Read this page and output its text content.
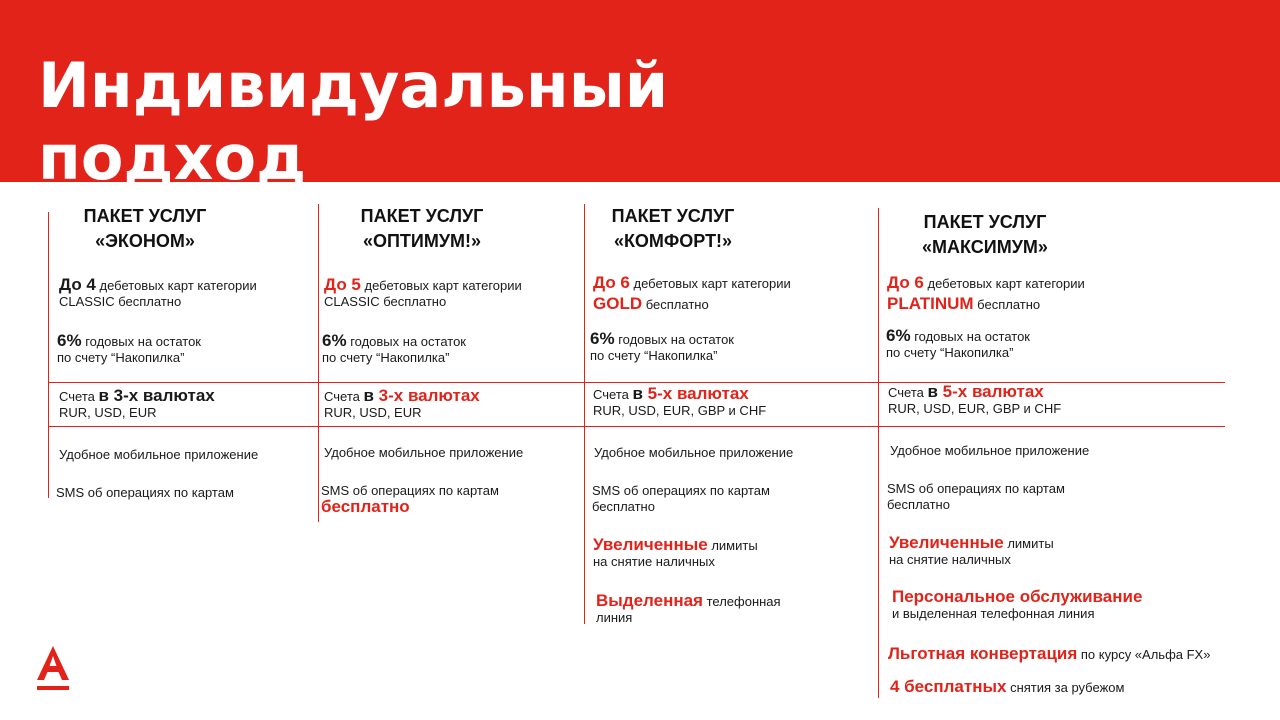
Индивидуальный
подход
ПАКЕТ УСЛУГ
«ЭКОНОМ»
До 4 дебетовых карт категории
CLASSIC бесплатно
6% годовых на остаток
по счету “Накопилка”
Счета в 3-х валютах
RUR, USD, EUR
Удобное мобильное приложение
SMS об операциях по картам
ПАКЕТ УСЛУГ
«ОПТИМУМ!»
До 5 дебетовых карт категории
CLASSIC бесплатно
6% годовых на остаток
по счету “Накопилка”
Счета в 3-х валютах
RUR, USD, EUR
Удобное мобильное приложение
SMS об операциях по картам
бесплатно
ПАКЕТ УСЛУГ
«КОМФОРТ!»
До 6 дебетовых карт категории
GOLD бесплатно
6% годовых на остаток
по счету “Накопилка”
Счета в 5-х валютах
RUR, USD, EUR, GBP и CHF
Удобное мобильное приложение
SMS об операциях по картам
бесплатно
Увеличенные лимиты
на снятие наличных
Выделенная телефонная
линия
ПАКЕТ УСЛУГ
«МАКСИМУМ»
До 6 дебетовых карт категории
PLATINUM бесплатно
6% годовых на остаток
по счету “Накопилка”
Счета в 5-х валютах
RUR, USD, EUR, GBP и CHF
Удобное мобильное приложение
SMS об операциях по картам
бесплатно
Увеличенные лимиты
на снятие наличных
Персональное обслуживание
и выделенная телефонная линия
Льготная конвертация по курсу «Альфа FX»
4 бесплатных снятия за рубежом
